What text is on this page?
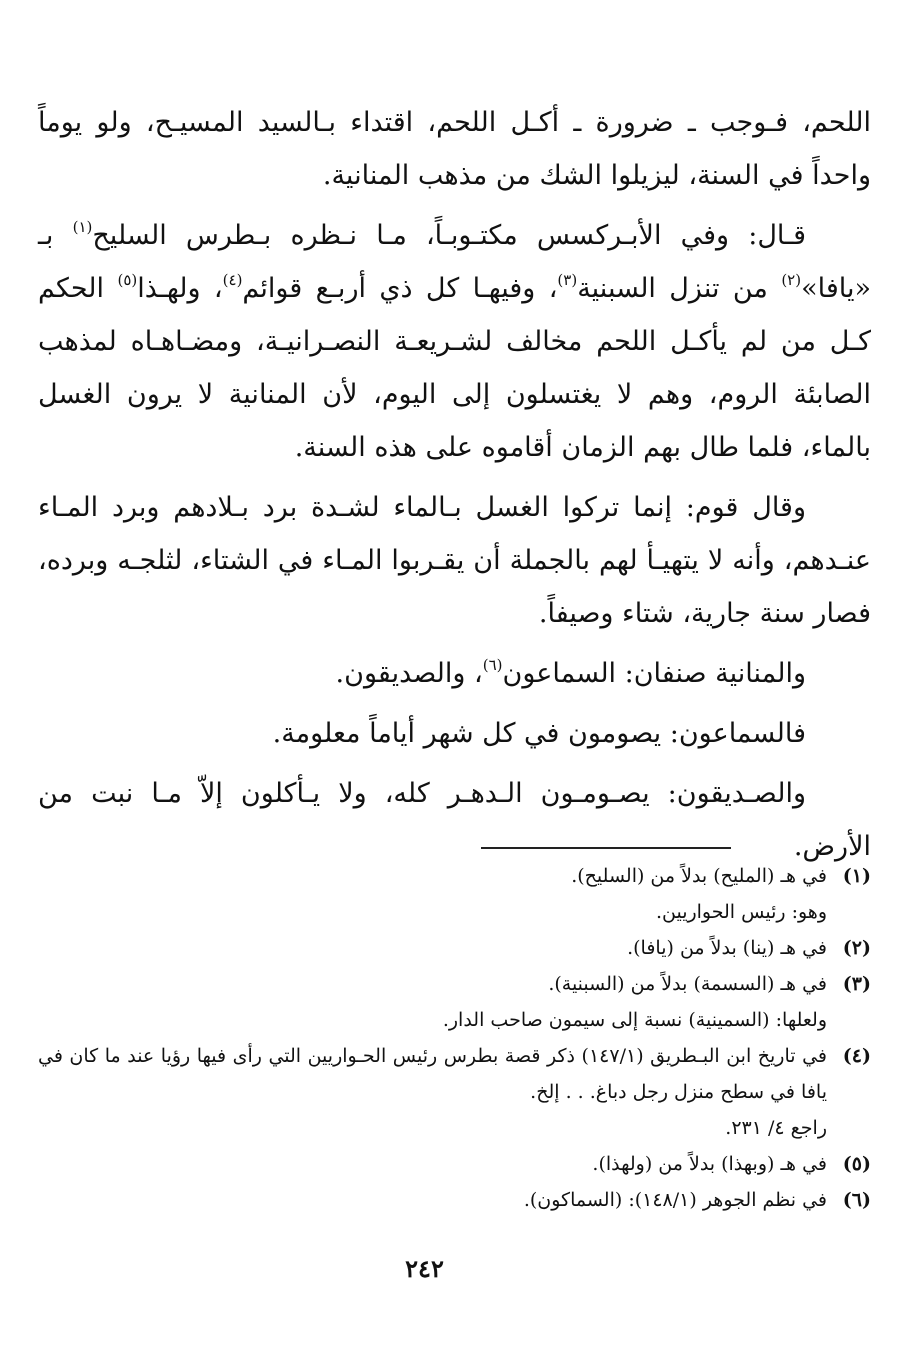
اللحم، فـوجب ـ ضرورة ـ أكـل اللحم، اقتداء بـالسيد المسيـح، ولو يوماً واحداً في السنة، ليزيلوا الشك من مذهب المنانية.

قـال: وفي الأبـركسس مكتـوبـاً، مـا نـظره بـطرس السليح$^{(١)}$ بـ «يافا»$^{(٢)}$ من تنزل السبنية$^{(٣)}$، وفيهـا كل ذي أربـع قوائم$^{(٤)}$، ولهـذا$^{(٥)}$ الحكم كـل من لم يأكـل اللحم مخالف لشـريعـة النصـرانيـة، ومضـاهـاه لمذهب الصابئة الروم، وهم لا يغتسلون إلى اليوم، لأن المنانية لا يرون الغسل بالماء، فلما طال بهم الزمان أقاموه على هذه السنة.

وقال قوم: إنما تركوا الغسل بـالماء لشـدة برد بـلادهم وبرد المـاء عنـدهم، وأنه لا يتهيـأ لهم بالجملة أن يقـربوا المـاء في الشتاء، لثلجـه وبرده، فصار سنة جارية، شتاء وصيفاً.

والمنانية صنفان: السماعون$^{(٦)}$، والصديقون.

فالسماعون: يصومون في كل شهر أياماً معلومة.

والصـديقون: يصـومـون الـدهـر كله، ولا يـأكلون إلاّ مـا نبت من الأرض.

(١)
في هـ (المليح) بدلاً من (السليح).
وهو: رئيس الحواريين.
(٢)
في هـ (ينا) بدلاً من (يافا).
(٣)
في هـ (السسمة) بدلاً من (السبنية).
ولعلها: (السمينية) نسبة إلى سيمون صاحب الدار.
(٤)
في تاريخ ابن البـطريق (١٤٧/١) ذكر قصة بطرس رئيس الحـواريين التي رأى فيها رؤيا عند ما كان في يافا في سطح منزل رجل دباغ. . . إلخ.
راجع ٤/ ٢٣١.
(٥)
في هـ (وبهذا) بدلاً من (ولهذا).
(٦)
في نظم الجوهر (١٤٨/١): (السماكون).
٢٤٢
